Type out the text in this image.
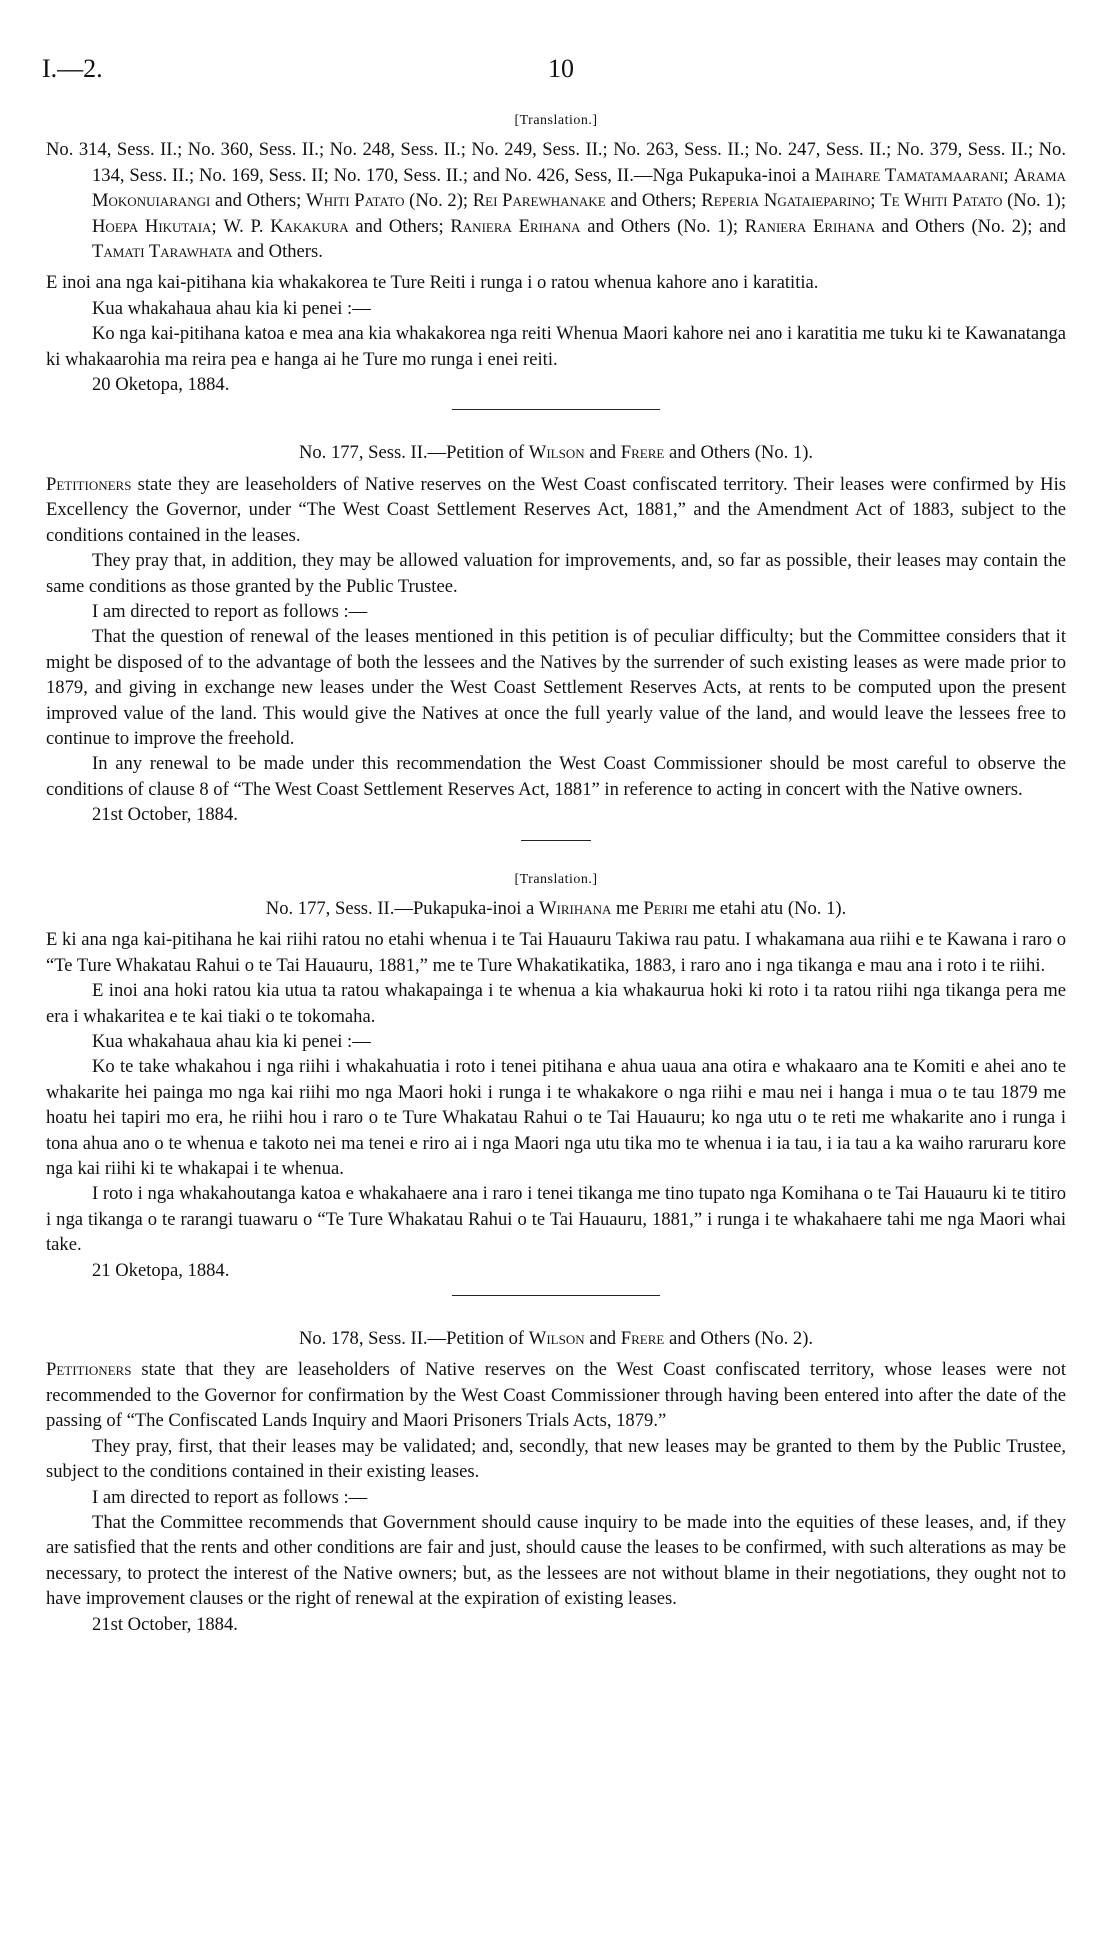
I.—2.	10
[Translation.]

No. 314, Sess. II.; No. 360, Sess. II.; No. 248, Sess. II.; No. 249, Sess. II.; No. 263, Sess. II.; No. 247, Sess. II.; No. 379, Sess. II.; No. 134, Sess. II.; No. 169, Sess. II; No. 170, Sess. II.; and No. 426, Sess, II.—Nga Pukapuka-inoi a Maihare Tamatamaarani; Arama Mokonuiarangi and Others; Whiti Patato (No. 2); Rei Parewhanake and Others; Reperia Ngataieparino; Te Whiti Patato (No. 1); Hoepa Hikutaia; W. P. Kakakura and Others; Raniera Erihana and Others (No. 1); Raniera Erihana and Others (No. 2); and Tamati Tarawhata and Others.

E inoi ana nga kai-pitihana kia whakakorea te Ture Reiti i runga i o ratou whenua kahore ano i karatitia.

Kua whakahaua ahau kia ki penei :—

Ko nga kai-pitihana katoa e mea ana kia whakakorea nga reiti Whenua Maori kahore nei ano i karatitia me tuku ki te Kawanatanga ki whakaarohia ma reira pea e hanga ai he Ture mo runga i enei reiti.

20 Oketopa, 1884.

No. 177, Sess. II.—Petition of Wilson and Frere and Others (No. 1).

Petitioners state they are leaseholders of Native reserves on the West Coast confiscated territory. Their leases were confirmed by His Excellency the Governor, under “The West Coast Settlement Reserves Act, 1881,” and the Amendment Act of 1883, subject to the conditions contained in the leases.

They pray that, in addition, they may be allowed valuation for improvements, and, so far as possible, their leases may contain the same conditions as those granted by the Public Trustee.

I am directed to report as follows :—

That the question of renewal of the leases mentioned in this petition is of peculiar difficulty; but the Committee considers that it might be disposed of to the advantage of both the lessees and the Natives by the surrender of such existing leases as were made prior to 1879, and giving in exchange new leases under the West Coast Settlement Reserves Acts, at rents to be computed upon the present improved value of the land. This would give the Natives at once the full yearly value of the land, and would leave the lessees free to continue to improve the freehold.

In any renewal to be made under this recommendation the West Coast Commissioner should be most careful to observe the conditions of clause 8 of “The West Coast Settlement Reserves Act, 1881” in reference to acting in concert with the Native owners.

21st October, 1884.

[Translation.]

No. 177, Sess. II.—Pukapuka-inoi a Wirihana me Periri me etahi atu (No. 1).

E ki ana nga kai-pitihana he kai riihi ratou no etahi whenua i te Tai Hauauru Takiwa rau patu. I whakamana aua riihi e te Kawana i raro o “Te Ture Whakatau Rahui o te Tai Hauauru, 1881,” me te Ture Whakatikatika, 1883, i raro ano i nga tikanga e mau ana i roto i te riihi.

E inoi ana hoki ratou kia utua ta ratou whakapainga i te whenua a kia whakaurua hoki ki roto i ta ratou riihi nga tikanga pera me era i whakaritea e te kai tiaki o te tokomaha.

Kua whakahaua ahau kia ki penei :—

Ko te take whakahou i nga riihi i whakahuatia i roto i tenei pitihana e ahua uaua ana otira e whakaaro ana te Komiti e ahei ano te whakarite hei painga mo nga kai riihi mo nga Maori hoki i runga i te whakakore o nga riihi e mau nei i hanga i mua o te tau 1879 me hoatu hei tapiri mo era, he riihi hou i raro o te Ture Whakatau Rahui o te Tai Hauauru; ko nga utu o te reti me whakarite ano i runga i tona ahua ano o te whenua e takoto nei ma tenei e riro ai i nga Maori nga utu tika mo te whenua i ia tau, i ia tau a ka waiho raruraru kore nga kai riihi ki te whakapai i te whenua.

I roto i nga whakahoutanga katoa e whakahaere ana i raro i tenei tikanga me tino tupato nga Komihana o te Tai Hauauru ki te titiro i nga tikanga o te rarangi tuawaru o “Te Ture Whakatau Rahui o te Tai Hauauru, 1881,” i runga i te whakahaere tahi me nga Maori whai take.

21 Oketopa, 1884.

No. 178, Sess. II.—Petition of Wilson and Frere and Others (No. 2).

Petitioners state that they are leaseholders of Native reserves on the West Coast confiscated territory, whose leases were not recommended to the Governor for confirmation by the West Coast Commissioner through having been entered into after the date of the passing of “The Confiscated Lands Inquiry and Maori Prisoners Trials Acts, 1879.”

They pray, first, that their leases may be validated; and, secondly, that new leases may be granted to them by the Public Trustee, subject to the conditions contained in their existing leases.

I am directed to report as follows :—

That the Committee recommends that Government should cause inquiry to be made into the equities of these leases, and, if they are satisfied that the rents and other conditions are fair and just, should cause the leases to be confirmed, with such alterations as may be necessary, to protect the interest of the Native owners; but, as the lessees are not without blame in their negotiations, they ought not to have improvement clauses or the right of renewal at the expiration of existing leases.

21st October, 1884.
